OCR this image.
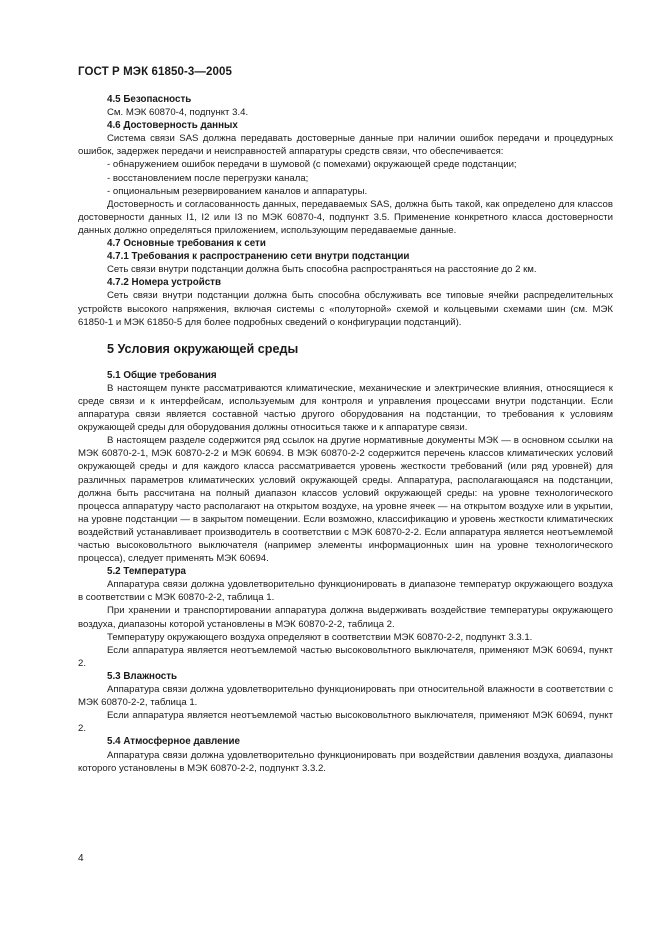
ГОСТ Р МЭК 61850-3—2005
4.5 Безопасность

См. МЭК 60870-4, подпункт 3.4.

4.6 Достоверность данных

Система связи SAS должна передавать достоверные данные при наличии ошибок передачи и процедурных ошибок, задержек передачи и неисправностей аппаратуры средств связи, что обеспечивается:

- обнаружением ошибок передачи в шумовой (с помехами) окружающей среде подстанции;

- восстановлением после перегрузки канала;

- опциональным резервированием каналов и аппаратуры.

Достоверность и согласованность данных, передаваемых SAS, должна быть такой, как определено для классов достоверности данных I1, I2 или I3 по МЭК 60870-4, подпункт 3.5. Применение конкретного класса достоверности данных должно определяться приложением, использующим передаваемые данные.

4.7 Основные требования к сети
4.7.1 Требования к распространению сети внутри подстанции

Сеть связи внутри подстанции должна быть способна распространяться на расстояние до 2 км.

4.7.2 Номера устройств

Сеть связи внутри подстанции должна быть способна обслуживать все типовые ячейки распределительных устройств высокого напряжения, включая системы с «полуторной» схемой и кольцевыми схемами шин (см. МЭК 61850-1 и МЭК 61850-5 для более подробных сведений о конфигурации подстанций).

5 Условия окружающей среды
5.1 Общие требования

В настоящем пункте рассматриваются климатические, механические и электрические влияния, относящиеся к среде связи и к интерфейсам, используемым для контроля и управления процессами внутри подстанции. Если аппаратура связи является составной частью другого оборудования на подстанции, то требования к условиям окружающей среды для оборудования должны относиться также и к аппаратуре связи.

В настоящем разделе содержится ряд ссылок на другие нормативные документы МЭК — в основном ссылки на МЭК 60870-2-1, МЭК 60870-2-2 и МЭК 60694. В МЭК 60870-2-2 содержится перечень классов климатических условий окружающей среды и для каждого класса рассматривается уровень жесткости требований (или ряд уровней) для различных параметров климатических условий окружающей среды. Аппаратура, располагающаяся на подстанции, должна быть рассчитана на полный диапазон классов условий окружающей среды: на уровне технологического процесса аппаратуру часто располагают на открытом воздухе, на уровне ячеек — на открытом воздухе или в укрытии, на уровне подстанции — в закрытом помещении. Если возможно, классификацию и уровень жесткости климатических воздействий устанавливает производитель в соответствии с МЭК 60870-2-2. Если аппаратура является неотъемлемой частью высоковольтного выключателя (например элементы информационных шин на уровне технологического процесса), следует применять МЭК 60694.

5.2 Температура

Аппаратура связи должна удовлетворительно функционировать в диапазоне температур окружающего воздуха в соответствии с МЭК 60870-2-2, таблица 1.

При хранении и транспортировании аппаратура должна выдерживать воздействие температуры окружающего воздуха, диапазоны которой установлены в МЭК 60870-2-2, таблица 2.

Температуру окружающего воздуха определяют в соответствии МЭК 60870-2-2, подпункт 3.3.1.

Если аппаратура является неотъемлемой частью высоковольтного выключателя, применяют МЭК 60694, пункт 2.

5.3 Влажность

Аппаратура связи должна удовлетворительно функционировать при относительной влажности в соответствии с МЭК 60870-2-2, таблица 1.

Если аппаратура является неотъемлемой частью высоковольтного выключателя, применяют МЭК 60694, пункт 2.

5.4 Атмосферное давление

Аппаратура связи должна удовлетворительно функционировать при воздействии давления воздуха, диапазоны которого установлены в МЭК 60870-2-2, подпункт 3.3.2.

4
